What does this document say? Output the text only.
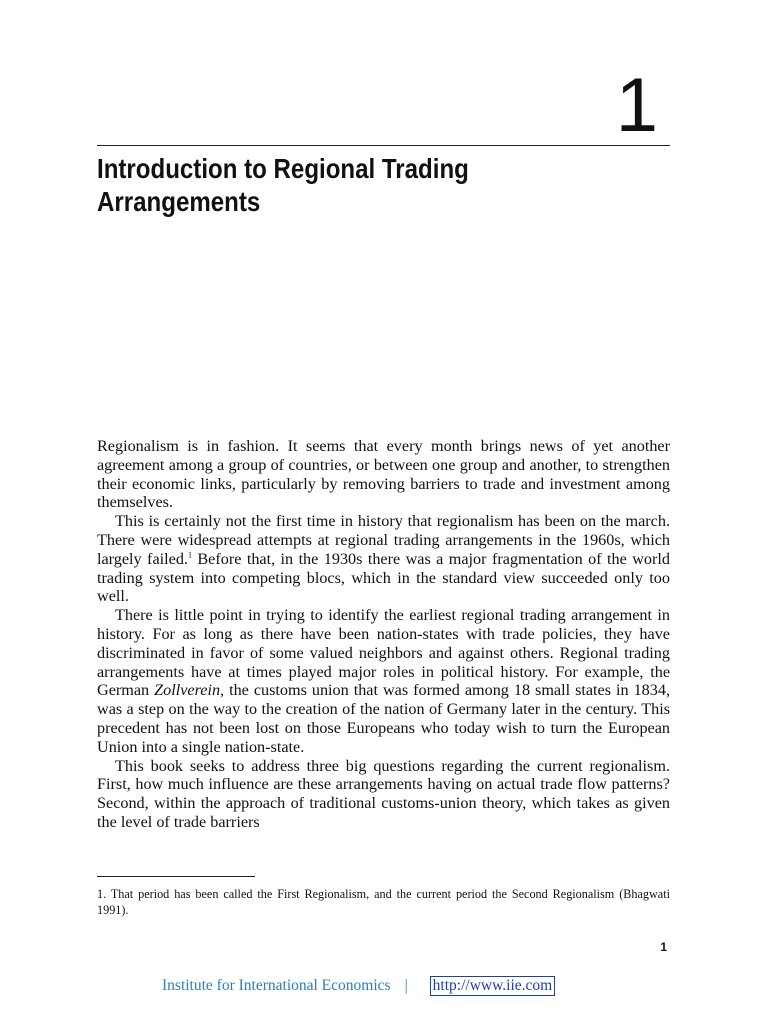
1
Introduction to Regional Trading
Arrangements

Regionalism is in fashion. It seems that every month brings news of yet another agreement among a group of countries, or between one group and another, to strengthen their economic links, particularly by removing barriers to trade and investment among themselves.

This is certainly not the first time in history that regionalism has been on the march. There were widespread attempts at regional trading arrangements in the 1960s, which largely failed.$^1$ Before that, in the 1930s there was a major fragmentation of the world trading system into competing blocs, which in the standard view succeeded only too well.

There is little point in trying to identify the earliest regional trading arrangement in history. For as long as there have been nation-states with trade policies, they have discriminated in favor of some valued neighbors and against others. Regional trading arrangements have at times played major roles in political history. For example, the German Zollverein, the customs union that was formed among 18 small states in 1834, was a step on the way to the creation of the nation of Germany later in the century. This precedent has not been lost on those Europeans who today wish to turn the European Union into a single nation-state.

This book seeks to address three big questions regarding the current regionalism. First, how much influence are these arrangements having on actual trade flow patterns? Second, within the approach of traditional customs-union theory, which takes as given the level of trade barriers

1. That period has been called the First Regionalism, and the current period the Second Regionalism (Bhagwati 1991).

1
Institute for International Economics | http://www.iie.com
